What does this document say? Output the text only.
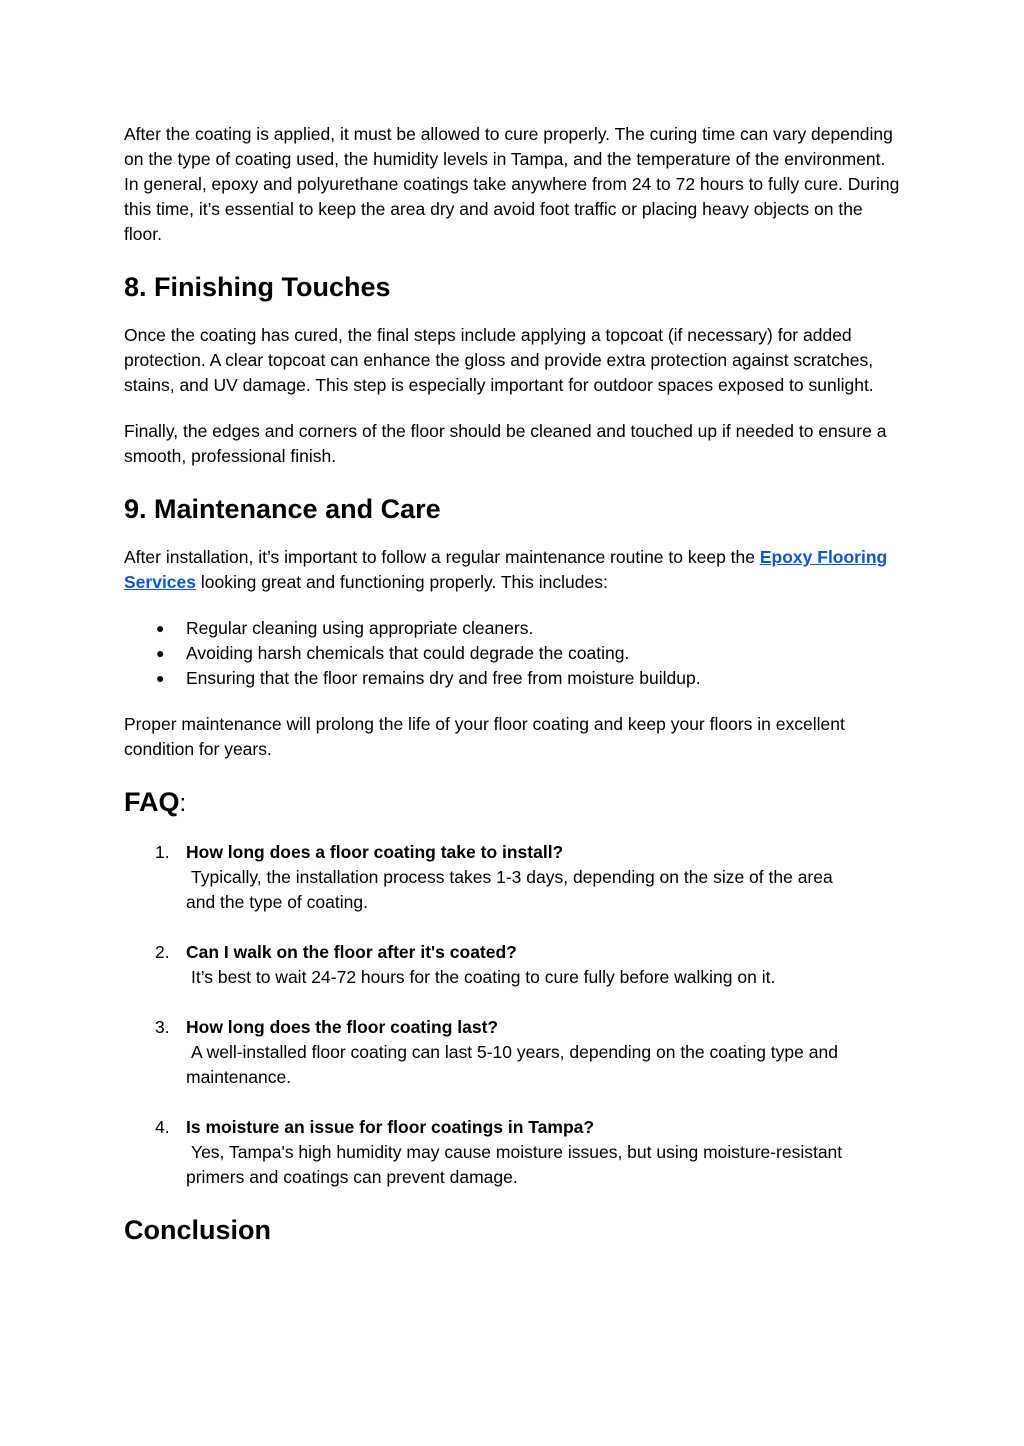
After the coating is applied, it must be allowed to cure properly. The curing time can vary depending on the type of coating used, the humidity levels in Tampa, and the temperature of the environment. In general, epoxy and polyurethane coatings take anywhere from 24 to 72 hours to fully cure. During this time, it’s essential to keep the area dry and avoid foot traffic or placing heavy objects on the floor.

8. Finishing Touches

Once the coating has cured, the final steps include applying a topcoat (if necessary) for added protection. A clear topcoat can enhance the gloss and provide extra protection against scratches, stains, and UV damage. This step is especially important for outdoor spaces exposed to sunlight.

Finally, the edges and corners of the floor should be cleaned and touched up if needed to ensure a smooth, professional finish.

9. Maintenance and Care

After installation, it’s important to follow a regular maintenance routine to keep the Epoxy Flooring Services looking great and functioning properly. This includes:

● Regular cleaning using appropriate cleaners.
● Avoiding harsh chemicals that could degrade the coating.
● Ensuring that the floor remains dry and free from moisture buildup.

Proper maintenance will prolong the life of your floor coating and keep your floors in excellent condition for years.

FAQ:
1. How long does a floor coating take to install?
Typically, the installation process takes 1-3 days, depending on the size of the area
and the type of coating.
2. Can I walk on the floor after it's coated?
It’s best to wait 24-72 hours for the coating to cure fully before walking on it.
3. How long does the floor coating last?
A well-installed floor coating can last 5-10 years, depending on the coating type and
maintenance.
4. Is moisture an issue for floor coatings in Tampa?
Yes, Tampa's high humidity may cause moisture issues, but using moisture-resistant
primers and coatings can prevent damage.
Conclusion
